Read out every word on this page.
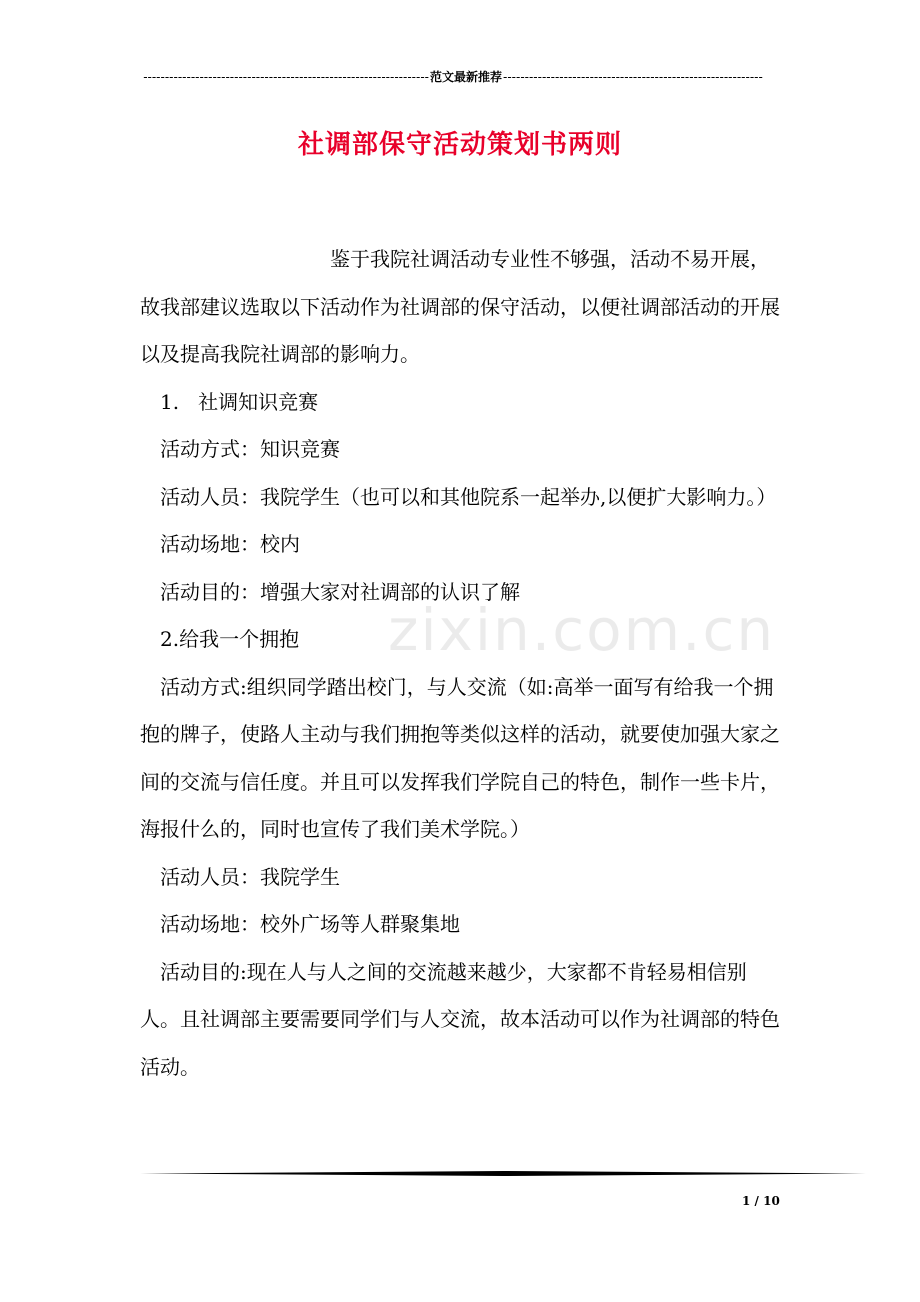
------------------------------------------------------------------范文最新推荐------------------------------------------------------------
社调部保守活动策划书两则
zixin.com.cn

鉴于我院社调活动专业性不够强，活动不易开展，故我部建议选取以下活动作为社调部的保守活动，以便社调部活动的开展以及提高我院社调部的影响力。

1.   社调知识竞赛

活动方式：知识竞赛

活动人员：我院学生（也可以和其他院系一起举办,以便扩大影响力。）

活动场地：校内

活动目的：增强大家对社调部的认识了解

2.给我一个拥抱

活动方式:组织同学踏出校门，与人交流（如:高举一面写有给我一个拥抱的牌子，使路人主动与我们拥抱等类似这样的活动，就要使加强大家之间的交流与信任度。并且可以发挥我们学院自己的特色，制作一些卡片，海报什么的，同时也宣传了我们美术学院。）

活动人员：我院学生

活动场地：校外广场等人群聚集地

活动目的:现在人与人之间的交流越来越少，大家都不肯轻易相信别人。且社调部主要需要同学们与人交流，故本活动可以作为社调部的特色活动。

1 / 10
